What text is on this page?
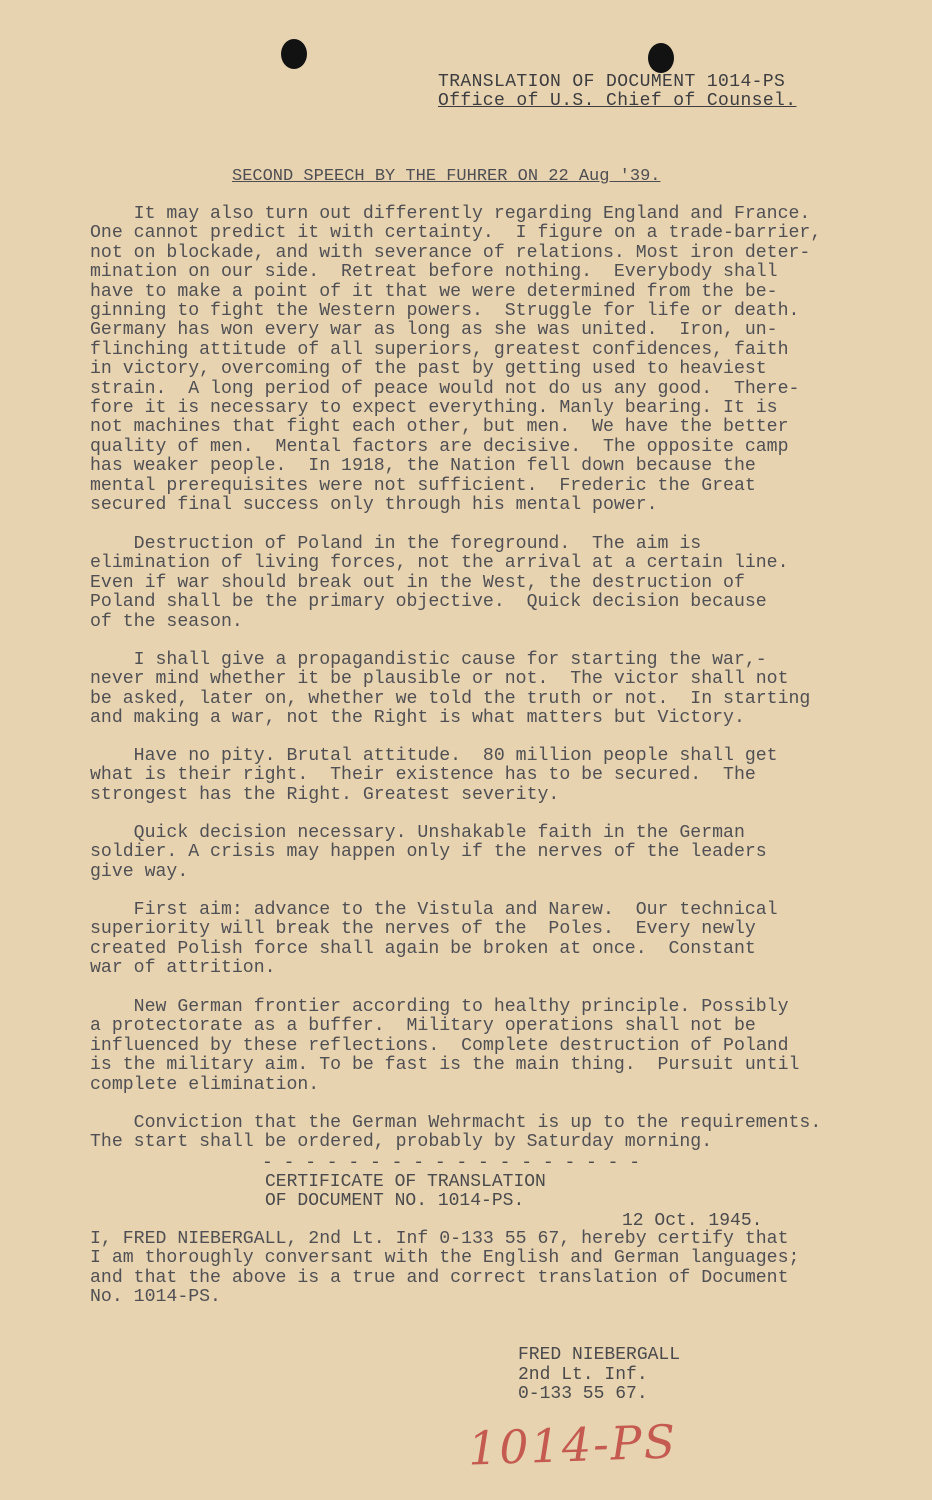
TRANSLATION OF DOCUMENT 1014-PS

Office of U.S. Chief of Counsel.

SECOND SPEECH BY THE FUHRER ON 22 Aug '39.

It may also turn out differently regarding England and France.

One cannot predict it with certainty.  I figure on a trade-barrier,

not on blockade, and with severance of relations. Most iron deter-

mination on our side.  Retreat before nothing.  Everybody shall

have to make a point of it that we were determined from the be-

ginning to fight the Western powers.  Struggle for life or death.

Germany has won every war as long as she was united.  Iron, un-

flinching attitude of all superiors, greatest confidences, faith

in victory, overcoming of the past by getting used to heaviest

strain.  A long period of peace would not do us any good.  There-

fore it is necessary to expect everything. Manly bearing. It is

not machines that fight each other, but men.  We have the better

quality of men.  Mental factors are decisive.  The opposite camp

has weaker people.  In 1918, the Nation fell down because the

mental prerequisites were not sufficient.  Frederic the Great

secured final success only through his mental power.

Destruction of Poland in the foreground.  The aim is

elimination of living forces, not the arrival at a certain line.

Even if war should break out in the West, the destruction of

Poland shall be the primary objective.  Quick decision because

of the season.

I shall give a propagandistic cause for starting the war,-

never mind whether it be plausible or not.  The victor shall not

be asked, later on, whether we told the truth or not.  In starting

and making a war, not the Right is what matters but Victory.

Have no pity. Brutal attitude.  80 million people shall get

what is their right.  Their existence has to be secured.  The

strongest has the Right. Greatest severity.

Quick decision necessary. Unshakable faith in the German

soldier. A crisis may happen only if the nerves of the leaders

give way.

First aim: advance to the Vistula and Narew.  Our technical

superiority will break the nerves of the  Poles.  Every newly

created Polish force shall again be broken at once.  Constant

war of attrition.

New German frontier according to healthy principle. Possibly

a protectorate as a buffer.  Military operations shall not be

influenced by these reflections.  Complete destruction of Poland

is the military aim. To be fast is the main thing.  Pursuit until

complete elimination.

Conviction that the German Wehrmacht is up to the requirements.

The start shall be ordered, probably by Saturday morning.

- - - - - - - - - - - - - - - - - -

CERTIFICATE OF TRANSLATION

OF DOCUMENT NO. 1014-PS.

12 Oct. 1945.

I, FRED NIEBERGALL, 2nd Lt. Inf 0-133 55 67, hereby certify that

I am thoroughly conversant with the English and German languages;

and that the above is a true and correct translation of Document

No. 1014-PS.

FRED NIEBERGALL

2nd Lt. Inf.

0-133 55 67.

1014-PS
